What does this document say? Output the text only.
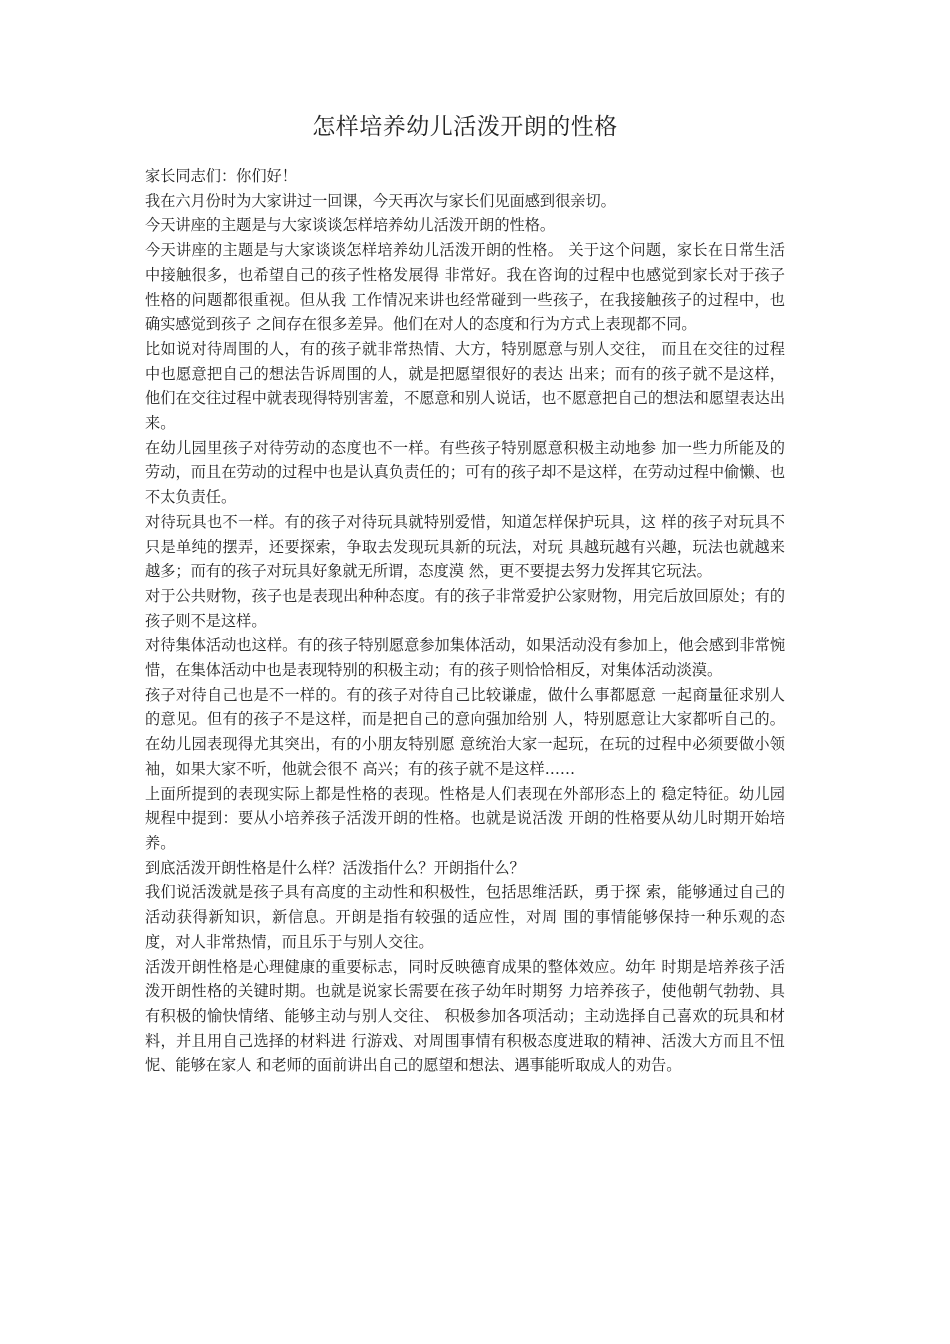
怎样培养幼儿活泼开朗的性格

家长同志们：你们好！

我在六月份时为大家讲过一回课，今天再次与家长们见面感到很亲切。

今天讲座的主题是与大家谈谈怎样培养幼儿活泼开朗的性格。

今天讲座的主题是与大家谈谈怎样培养幼儿活泼开朗的性格。 关于这个问题，家长在日常生活中接触很多，也希望自己的孩子性格发展得 非常好。我在咨询的过程中也感觉到家长对于孩子性格的问题都很重视。但从我 工作情况来讲也经常碰到一些孩子，在我接触孩子的过程中，也确实感觉到孩子 之间存在很多差异。他们在对人的态度和行为方式上表现都不同。

比如说对待周围的人，有的孩子就非常热情、大方，特别愿意与别人交往， 而且在交往的过程中也愿意把自己的想法告诉周围的人，就是把愿望很好的表达 出来；而有的孩子就不是这样，他们在交往过程中就表现得特别害羞，不愿意和别人说话，也不愿意把自己的想法和愿望表达出来。

在幼儿园里孩子对待劳动的态度也不一样。有些孩子特别愿意积极主动地参 加一些力所能及的劳动，而且在劳动的过程中也是认真负责任的；可有的孩子却不是这样，在劳动过程中偷懒、也不太负责任。

对待玩具也不一样。有的孩子对待玩具就特别爱惜，知道怎样保护玩具，这 样的孩子对玩具不只是单纯的摆弄，还要探索，争取去发现玩具新的玩法，对玩 具越玩越有兴趣，玩法也就越来越多；而有的孩子对玩具好象就无所谓，态度漠 然，更不要提去努力发挥其它玩法。

对于公共财物，孩子也是表现出种种态度。有的孩子非常爱护公家财物，用完后放回原处；有的孩子则不是这样。

对待集体活动也这样。有的孩子特别愿意参加集体活动，如果活动没有参加上，他会感到非常惋惜，在集体活动中也是表现特别的积极主动；有的孩子则恰恰相反，对集体活动淡漠。

孩子对待自己也是不一样的。有的孩子对待自己比较谦虚，做什么事都愿意 一起商量征求别人的意见。但有的孩子不是这样，而是把自己的意向强加给别 人，特别愿意让大家都听自己的。在幼儿园表现得尤其突出，有的小朋友特别愿 意统治大家一起玩，在玩的过程中必须要做小领袖，如果大家不听，他就会很不 高兴；有的孩子就不是这样……

上面所提到的表现实际上都是性格的表现。性格是人们表现在外部形态上的 稳定特征。幼儿园规程中提到：要从小培养孩子活泼开朗的性格。也就是说活泼 开朗的性格要从幼儿时期开始培养。

到底活泼开朗性格是什么样？活泼指什么？开朗指什么？

我们说活泼就是孩子具有高度的主动性和积极性，包括思维活跃，勇于探 索，能够通过自己的活动获得新知识，新信息。开朗是指有较强的适应性，对周 围的事情能够保持一种乐观的态度，对人非常热情，而且乐于与别人交往。

活泼开朗性格是心理健康的重要标志，同时反映德育成果的整体效应。幼年 时期是培养孩子活泼开朗性格的关键时期。也就是说家长需要在孩子幼年时期努 力培养孩子，使他朝气勃勃、具有积极的愉快情绪、能够主动与别人交往、 积极参加各项活动；主动选择自己喜欢的玩具和材料，并且用自己选择的材料进 行游戏、对周围事情有积极态度进取的精神、活泼大方而且不忸怩、能够在家人 和老师的面前讲出自己的愿望和想法、遇事能听取成人的劝告。
